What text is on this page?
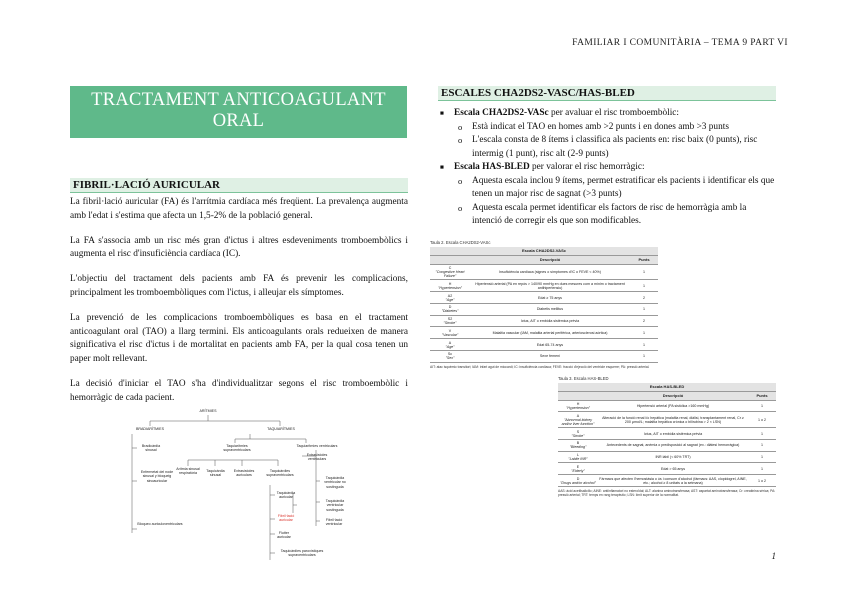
FAMILIAR I COMUNITÀRIA – TEMA 9 PART VI
TRACTAMENT ANTICOAGULANT
ORAL
FIBRIL·LACIÓ AURICULAR

La fibril·lació auricular (FA) és l'arrítmia cardíaca més freqüent. La prevalença augmenta amb l'edat i s'estima que afecta un 1,5-2% de la població general.

La FA s'associa amb un risc més gran d'ictus i altres esdeveniments tromboembòlics i augmenta el risc d'insuficiència cardíaca (IC).

L'objectiu del tractament dels pacients amb FA és prevenir les complicacions, principalment les tromboembòliques com l'ictus, i alleujar els símptomes.

La prevenció de les complicacions tromboembòliques es basa en el tractament anticoagulant oral (TAO) a llarg termini. Els anticoagulants orals redueixen de manera significativa el risc d'ictus i de mortalitat en pacients amb FA, per la qual cosa tenen un paper molt rellevant.

La decisió d'iniciar el TAO s'ha d'individualitzar segons el risc tromboembòlic i hemorràgic de cada pacient.

ARÍTMIES
BRADIARÍTMIES	TAQUIARÍTMIES
Bradicàrdia sinusal
Enfermetat del node sinusal y bloqueig sinoauricular
Bloqueo auriculoventriculars
Taquiarítmies supraventriculars
Taquiarítmies ventriculars
Arítmia sinusal respiratòria
Taquicàrdia sinusal
Extrasístoles auriculars
Taquicàrdies supraventriculars
Taquicàrdia auricular
Fibril·lació auricular
Flutter auricular
Taquicàrdies paroxístiques supraventriculars
Extrasístoles ventriculars
Taquicàrdia ventricular no sostinguda
Taquicàrdia ventricular sostinguda
Fibril·lació ventricular
ESCALES CHA2DS2-VASC/HAS-BLED
■ Escala CHA2DS2-VASc per avaluar el risc tromboembòlic:
o Està indicat el TAO en homes amb >2 punts i en dones amb >3 punts
o L'escala consta de 8 ítems i classifica als pacients en: risc baix (0 punts), risc intermig (1 punt), risc alt (2-9 punts)
■ Escala HAS-BLED per valorar el risc hemorràgic:
o Aquesta escala inclou 9 ítems, permet estratificar els pacients i identificar els que tenen un major risc de sagnat (>3 punts)
o Aquesta escala permet identificar els factors de risc de hemorràgia amb la intenció de corregir els que son modificables.
Taula 2. Escala CHA2DS2-VASc
Escala CHA2DS2-VASc		
	Descripció	Punts

C
"Congestive Heart Failure"	Insuficiència cardíaca (signes o símptomes d'IC o FEVE < 40%)	1

H
"Hypertension"	Hipertensió arterial (PA en repòs > 140/90 mmHg en dues mesures com a mínim o tractament antihipertensiu)	1

A2
"Age"	Edat ≥ 75 anys	2

D
"Diabetes"	Diabetis mellitus	1

S2
"Stroke"	Ictus, AIT o embòlia sistèmica prèvia	2

V
"Vascular"	Malaltia vascular (IAM, malaltia arterial perifèrica, arteriosclerosi aòrtica)	1

A
"Age"	Edat 65-74 anys	1

Sc
"Sex"	Sexe femení	1
AIT: atac isquèmic transitori; IAM: infart agut de miocardi; IC: insuficiència cardíaca; FEVE: fracció d'ejecció del ventricle esquerre; PA: pressió arterial.
Taula 3. Escala HAS-BLED
Escala HAS-BLED		
	Descripció	Punts

H
"Hypertension"	Hipertensió arterial (PA sistòlica >160 mmHg)	1

A
"Abnormal kidney and/or liver function"	Alteració de la funció renal i/o hepàtica (malaltia renal, diàlisi, transplantament renal, Cr ≥ 200 µmol/L; malaltia hepàtica crònica o bilirubina > 2 × LSN)	1 o 2

S
"Stroke"	Ictus, AIT o embòlia sistèmica prèvia	1

B
"Bleeding"	Antecedents de sagnat, anèmia o predisposició al sagnat (ex.: diàtesi hemorràgica)	1

L
"Labile INR"	INR làbil (< 60% TRT)	1

E
"Elderly"	Edat > 65 anys	1

D
"Drugs and/or alcohol"	Fàrmacs que afecten l'hemostàsia o ús i consum d'alcohol (fàrmacs: AAS, clopidogrel, AINE, etc.; alcohol ≥ 8 unitats a la setmana)	1 o 2
AAS: àcid acetilsalicílic; AINE: antiinflamatori no esteroïdal; ALT: alanina aminotransferasa; AST: aspartat aminotransferasa; Cr: creatinina sèrica; PA: pressió arterial; TRT: temps en rang terapèutic; LSN: límit superior de la normalitat.
1
